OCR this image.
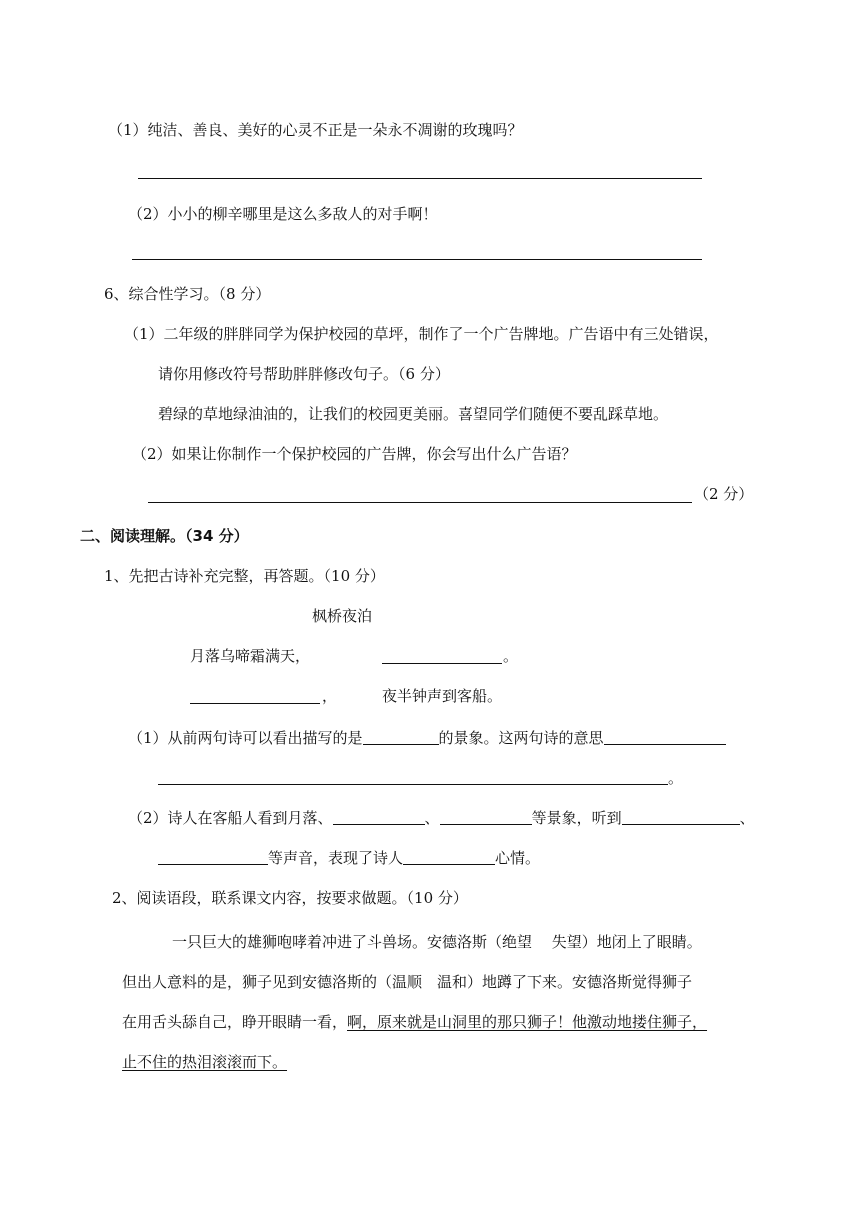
（1）纯洁、善良、美好的心灵不正是一朵永不凋谢的玫瑰吗？
（2）小小的柳辛哪里是这么多敌人的对手啊！
6、综合性学习。（8 分）
（1）二年级的胖胖同学为保护校园的草坪，制作了一个广告牌地。广告语中有三处错误，
请你用修改符号帮助胖胖修改句子。（6 分）
碧绿的草地绿油油的，让我们的校园更美丽。喜望同学们随便不要乱踩草地。
（2）如果让你制作一个保护校园的广告牌，你会写出什么广告语？
（2 分）
二、阅读理解。（34 分）
1、先把古诗补充完整，再答题。（10 分）
枫桥夜泊
月落乌啼霜满天，	。
，	夜半钟声到客船。
（1）从前两句诗可以看出描写的是	的景象。这两句诗的意思
。
（2）诗人在客船人看到月落、	、	等景象，听到	、
等声音，表现了诗人	心情。
2、阅读语段，联系课文内容，按要求做题。（10 分）
一只巨大的雄狮咆哮着冲进了斗兽场。安德洛斯（绝望　 失望）地闭上了眼睛。
但出人意料的是，狮子见到安德洛斯的（温顺　温和）地蹲了下来。安德洛斯觉得狮子
在用舌头舔自己，睁开眼睛一看，啊，原来就是山洞里的那只狮子！他激动地搂住狮子，
止不住的热泪滚滚而下。
